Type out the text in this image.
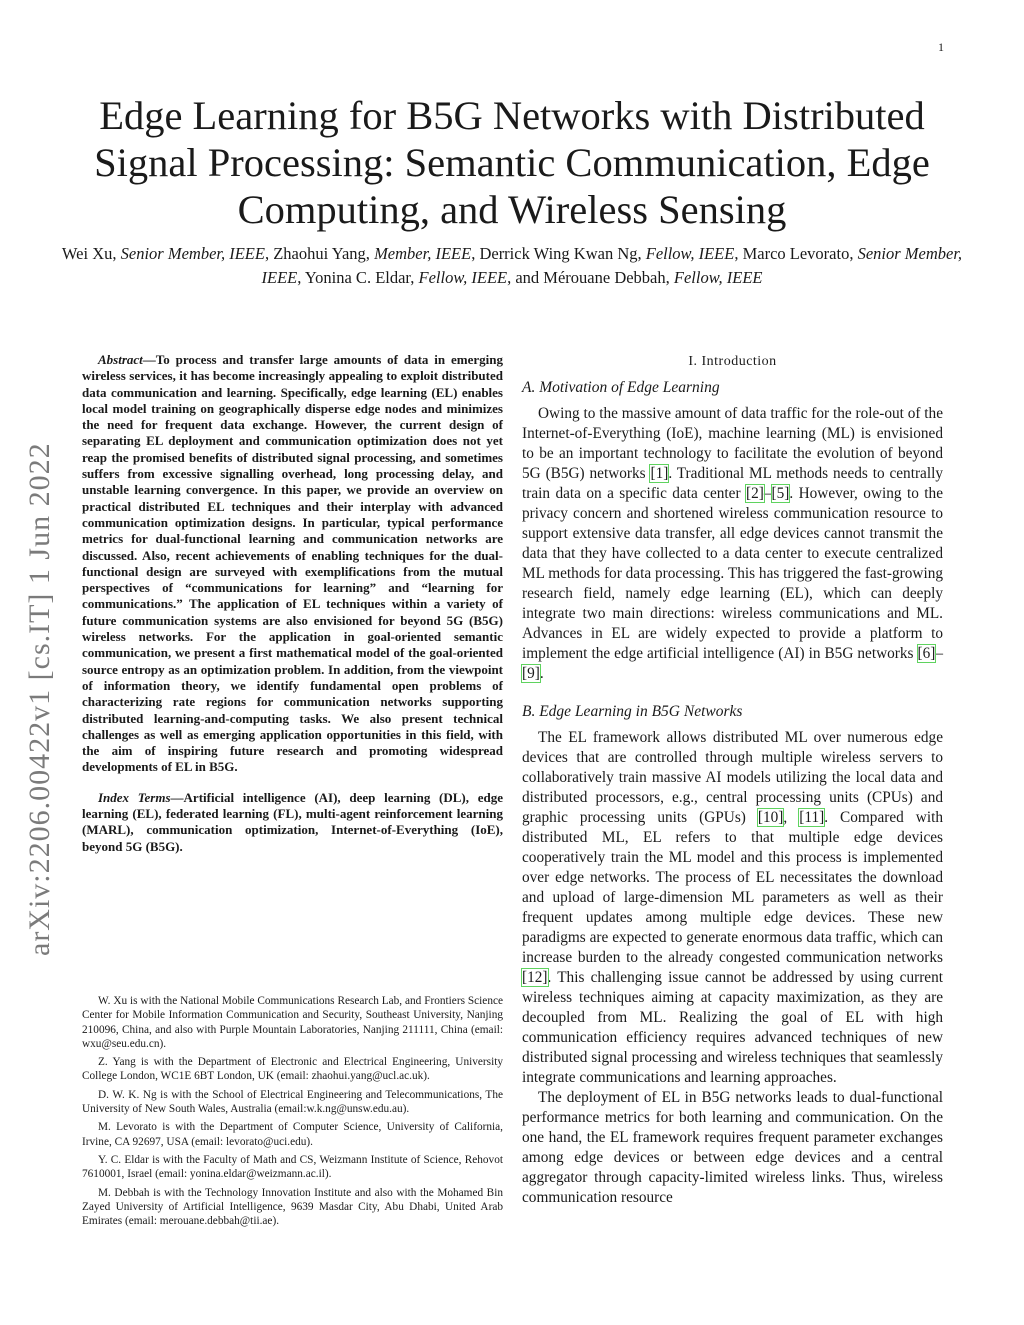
1
arXiv:2206.00422v1 [cs.IT] 1 Jun 2022
Edge Learning for B5G Networks with Distributed Signal Processing: Semantic Communication, Edge Computing, and Wireless Sensing
Wei Xu, Senior Member, IEEE, Zhaohui Yang, Member, IEEE, Derrick Wing Kwan Ng, Fellow, IEEE, Marco Levorato, Senior Member, IEEE, Yonina C. Eldar, Fellow, IEEE, and Mérouane Debbah, Fellow, IEEE

Abstract—To process and transfer large amounts of data in emerging wireless services, it has become increasingly appealing to exploit distributed data communication and learning. Specifically, edge learning (EL) enables local model training on geographically disperse edge nodes and minimizes the need for frequent data exchange. However, the current design of separating EL deployment and communication optimization does not yet reap the promised benefits of distributed signal processing, and sometimes suffers from excessive signalling overhead, long processing delay, and unstable learning convergence. In this paper, we provide an overview on practical distributed EL techniques and their interplay with advanced communication optimization designs. In particular, typical performance metrics for dual-functional learning and communication networks are discussed. Also, recent achievements of enabling techniques for the dual-functional design are surveyed with exemplifications from the mutual perspectives of “communications for learning” and “learning for communications.” The application of EL techniques within a variety of future communication systems are also envisioned for beyond 5G (B5G) wireless networks. For the application in goal-oriented semantic communication, we present a first mathematical model of the goal-oriented source entropy as an optimization problem. In addition, from the viewpoint of information theory, we identify fundamental open problems of characterizing rate regions for communication networks supporting distributed learning-and-computing tasks. We also present technical challenges as well as emerging application opportunities in this field, with the aim of inspiring future research and promoting widespread developments of EL in B5G.

Index Terms—Artificial intelligence (AI), deep learning (DL), edge learning (EL), federated learning (FL), multi-agent reinforcement learning (MARL), communication optimization, Internet-of-Everything (IoE), beyond 5G (B5G).

W. Xu is with the National Mobile Communications Research Lab, and Frontiers Science Center for Mobile Information Communication and Security, Southeast University, Nanjing 210096, China, and also with Purple Mountain Laboratories, Nanjing 211111, China (email: wxu@seu.edu.cn).

Z. Yang is with the Department of Electronic and Electrical Engineering, University College London, WC1E 6BT London, UK (email: zhaohui.yang@ucl.ac.uk).

D. W. K. Ng is with the School of Electrical Engineering and Telecommunications, The University of New South Wales, Australia (email:w.k.ng@unsw.edu.au).

M. Levorato is with the Department of Computer Science, University of California, Irvine, CA 92697, USA (email: levorato@uci.edu).

Y. C. Eldar is with the Faculty of Math and CS, Weizmann Institute of Science, Rehovot 7610001, Israel (email: yonina.eldar@weizmann.ac.il).

M. Debbah is with the Technology Innovation Institute and also with the Mohamed Bin Zayed University of Artificial Intelligence, 9639 Masdar City, Abu Dhabi, United Arab Emirates (email: merouane.debbah@tii.ae).

I. Introduction
A. Motivation of Edge Learning

Owing to the massive amount of data traffic for the role-out of the Internet-of-Everything (IoE), machine learning (ML) is envisioned to be an important technology to facilitate the evolution of beyond 5G (B5G) networks [1]. Traditional ML methods needs to centrally train data on a specific data center [2]–[5]. However, owing to the privacy concern and shortened wireless communication resource to support extensive data transfer, all edge devices cannot transmit the data that they have collected to a data center to execute centralized ML methods for data processing. This has triggered the fast-growing research field, namely edge learning (EL), which can deeply integrate two main directions: wireless communications and ML. Advances in EL are widely expected to provide a platform to implement the edge artificial intelligence (AI) in B5G networks [6]–[9].

B. Edge Learning in B5G Networks

The EL framework allows distributed ML over numerous edge devices that are controlled through multiple wireless servers to collaboratively train massive AI models utilizing the local data and distributed processors, e.g., central processing units (CPUs) and graphic processing units (GPUs) [10], [11]. Compared with distributed ML, EL refers to that multiple edge devices cooperatively train the ML model and this process is implemented over edge networks. The process of EL necessitates the download and upload of large-dimension ML parameters as well as their frequent updates among multiple edge devices. These new paradigms are expected to generate enormous data traffic, which can increase burden to the already congested communication networks [12]. This challenging issue cannot be addressed by using current wireless techniques aiming at capacity maximization, as they are decoupled from ML. Realizing the goal of EL with high communication efficiency requires advanced techniques of new distributed signal processing and wireless techniques that seamlessly integrate communications and learning approaches.

The deployment of EL in B5G networks leads to dual-functional performance metrics for both learning and communication. On the one hand, the EL framework requires frequent parameter exchanges among edge devices or between edge devices and a central aggregator through capacity-limited wireless links. Thus, wireless communication resource
